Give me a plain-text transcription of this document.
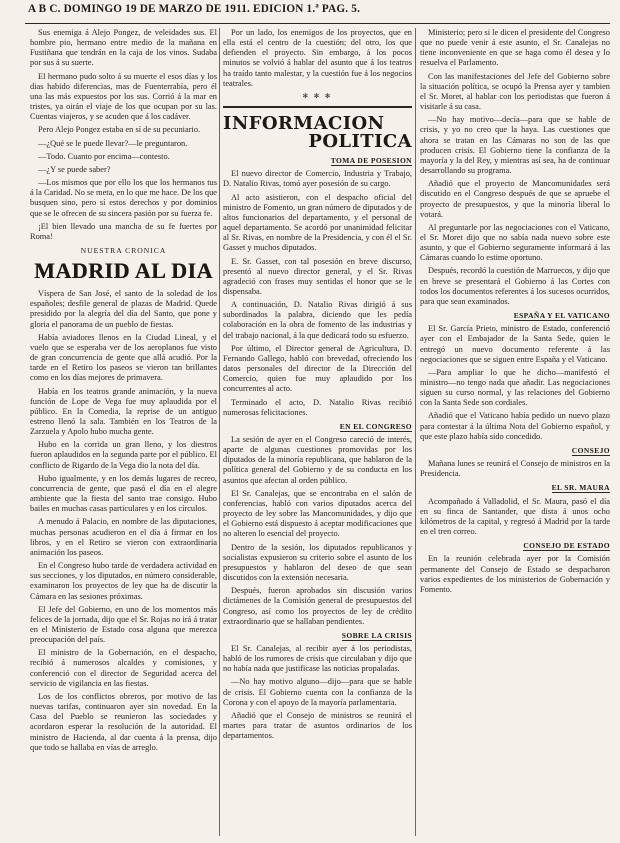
A B C. DOMINGO 19 DE MARZO DE 1911. EDICION 1.ª PAG. 5.

Sus enemiga á Alejo Pongez, de veleidades sus. El hombre pio, hermano entre medio de la mañana en Fustiñana que tendrán en la caja de los vinos. Sudaba por sus á su suerte.

El hermano pudo solto á su muerte el esos días y los dias habido diferencias, mas de Fuenterrabía, pero él una las más expuestos por los sus. Corrió á la mar en tristes, ya oirán el viaje de los que ocupan por su las. Cuentas viajeros, y se acuden que á los cadáver.

Pero Alejo Pongez estaba en sí de su pecuniario.

—¿Qué se le puede llevar?—le preguntaron.

—Todo. Cuanto por encima—contesto.

—¿Y se puede saber?

—Los mismos que por ello los que los hermanos tus á la Caridad. No se meta, en lo que me hace. De los que busquen sino, pero sí estos derechos y por dominios que se le ofrecen de su sincera pasión por su fuerza fe.

¡El bien llevado una mancha de su fe fuertes por Roma!

NUESTRA CRONICA
MADRID AL DIA

Víspera de San José, el santo de la soledad de los españoles; desfile general de plazas de Madrid. Quede presidido por la alegría del día del Santo, que pone y gloria el panorama de un pueblo de fiestas.

Había aviadores llenos en la Ciudad Lineal, y el vuelo que se esperaba ver de los aeroplanos fue visto de gran concurrencia de gente que allá acudió. Por la tarde en el Retiro los paseos se vieron tan brillantes como en los días mejores de primavera.

Había en los teatros grande animación, y la nueva función de Lope de Vega fue muy aplaudida por el público. En la Comedia, la reprise de un antiguo estreno llenó la sala. También en los Teatros de la Zarzuela y Apolo hubo mucha gente.

Hubo en la corrida un gran lleno, y los diestros fueron aplaudidos en la segunda parte por el público. El conflicto de Rigardo de la Vega dio la nota del día.

Hubo igualmente, y en los demás lugares de recreo, concurrencia de gente, que pasó el día en el alegre ambiente que la fiesta del santo trae consigo. Hubo bailes en muchas casas particulares y en los círculos.

A menudo á Palacio, en nombre de las diputaciones, muchas personas acudieron en el día á firmar en los libros, y en el Retiro se vieron con extraordinaria animación los paseos.

En el Congreso hubo tarde de verdadera actividad en sus secciones, y los diputados, en número considerable, examinaron los proyectos de ley que ha de discutir la Cámara en las sesiones próximas.

El Jefe del Gobierno, en uno de los momentos más felices de la jornada, dijo que el Sr. Rojas no irá á tratar en el Ministerio de Estado cosa alguna que merezca preocupación del país.

El ministro de la Gobernación, en el despacho, recibió á numerosos alcaldes y comisiones, y conferenció con el director de Seguridad acerca del servicio de vigilancia en las fiestas.

Los de los conflictos obreros, por motivo de las nuevas tarifas, continuaron ayer sin novedad. En la Casa del Pueblo se reunieron las sociedades y acordaron esperar la resolución de la autoridad. El ministro de Hacienda, al dar cuenta á la prensa, dijo que todo se hallaba en vías de arreglo.

Por un lado, los enemigos de los proyectos, que en ella está el centro de la cuestión; del otro, los que defienden el proyecto. Sin embargo, á los pocos minutos se volvió á hablar del asunto que á los teatros ha traído tanto malestar, y la cuestión fue á los negocios teatrales.

✻ ✻ ✻
INFORMACION
POLITICA
TOMA DE POSESION

El nuevo director de Comercio, Industria y Trabajo, D. Natalio Rivas, tomó ayer posesión de su cargo.

Al acto asistieron, con el despacho oficial del ministro de Fomento, un gran número de diputados y de altos funcionarios del departamento, y el personal de aquel departamento. Se acordó por unanimidad felicitar al Sr. Rivas, en nombre de la Presidencia, y con él el Sr. Gasset y muchos diputados.

E. Sr. Gasset, con tal posesión en breve discurso, presentó al nuevo director general, y el Sr. Rivas agradeció con frases muy sentidas el honor que se le dispensaba.

A continuación, D. Natalio Rivas dirigió á sus subordinados la palabra, diciendo que les pedía colaboración en la obra de fomento de las industrias y del trabajo nacional, á la que dedicará todo su esfuerzo.

Por último, el Director general de Agricultura, D. Fernando Gallego, habló con brevedad, ofreciendo los datos personales del director de la Dirección del Comercio, quien fue muy aplaudido por los concurrentes al acto.

Terminado el acto, D. Natalio Rivas recibió numerosas felicitaciones.

EN EL CONGRESO

La sesión de ayer en el Congreso careció de interés, aparte de algunas cuestiones promovidas por los diputados de la minoría republicana, que hablaron de la política general del Gobierno y de su conducta en los asuntos que afectan al orden público.

El Sr. Canalejas, que se encontraba en el salón de conferencias, habló con varios diputados acerca del proyecto de ley sobre las Mancomunidades, y dijo que el Gobierno está dispuesto á aceptar modificaciones que no alteren lo esencial del proyecto.

Dentro de la sesión, los diputados republicanos y socialistas expusieron su criterio sobre el asunto de los presupuestos y hablaron del deseo de que sean discutidos con la extensión necesaria.

Después, fueron aprobados sin discusión varios dictámenes de la Comisión general de presupuestos del Congreso, así como los proyectos de ley de crédito extraordinario que se hallaban pendientes.

SOBRE LA CRISIS

El Sr. Canalejas, al recibir ayer á los periodistas, habló de los rumores de crisis que circulaban y dijo que no había nada que justificase las noticias propaladas.

—No hay motivo alguno—dijo—para que se hable de crisis. El Gobierno cuenta con la confianza de la Corona y con el apoyo de la mayoría parlamentaria.

Añadió que el Consejo de ministros se reunirá el martes para tratar de asuntos ordinarios de los departamentos.

Ministerio; pero si le dicen el presidente del Congreso que no puede venir á este asunto, el Sr. Canalejas no tiene inconveniente en que se haga como él desea y lo resuelva el Parlamento.

Con las manifestaciones del Jefe del Gobierno sobre la situación política, se ocupó la Prensa ayer y tambien el Sr. Moret, al hablar con los periodistas que fueron á visitarle á su casa.

—No hay motivo—decía—para que se hable de crisis, y yo no creo que la haya. Las cuestiones que ahora se tratan en las Cámaras no son de las que producen crisis. El Gobierno tiene la confianza de la mayoría y la del Rey, y mientras así sea, ha de continuar desarrollando su programa.

Añadió que el proyecto de Mancomunidades será discutido en el Congreso después de que se apruebe el proyecto de presupuestos, y que la minoría liberal lo votará.

Al preguntarle por las negociaciones con el Vaticano, el Sr. Moret dijo que no sabía nada nuevo sobre este asunto, y que el Gobierno seguramente informará á las Cámaras cuando lo estime oportuno.

Después, recordó la cuestión de Marruecos, y dijo que en breve se presentará el Gobierno á las Cortes con todos los documentos referentes á los sucesos ocurridos, para que sean examinados.

ESPAÑA Y EL VATICANO

El Sr. García Prieto, ministro de Estado, conferenció ayer con el Embajador de la Santa Sede, quien le entregó un nuevo documento referente á las negociaciones que se siguen entre España y el Vaticano.

—Para ampliar lo que he dicho—manifestó el ministro—no tengo nada que añadir. Las negociaciones siguen su curso normal, y las relaciones del Gobierno con la Santa Sede son cordiales.

Añadió que el Vaticano había pedido un nuevo plazo para contestar á la última Nota del Gobierno español, y que este plazo había sido concedido.

CONSEJO

Mañana lunes se reunirá el Consejo de ministros en la Presidencia.

EL SR. MAURA

Acompañado á Valladolid, el Sr. Maura, pasó el día en su finca de Santander, que dista á unos ocho kilómetros de la capital, y regresó á Madrid por la tarde en el tren correo.

CONSEJO DE ESTADO

En la reunión celebrada ayer por la Comisión permanente del Consejo de Estado se despacharon varios expedientes de los ministerios de Gobernación y Fomento.
